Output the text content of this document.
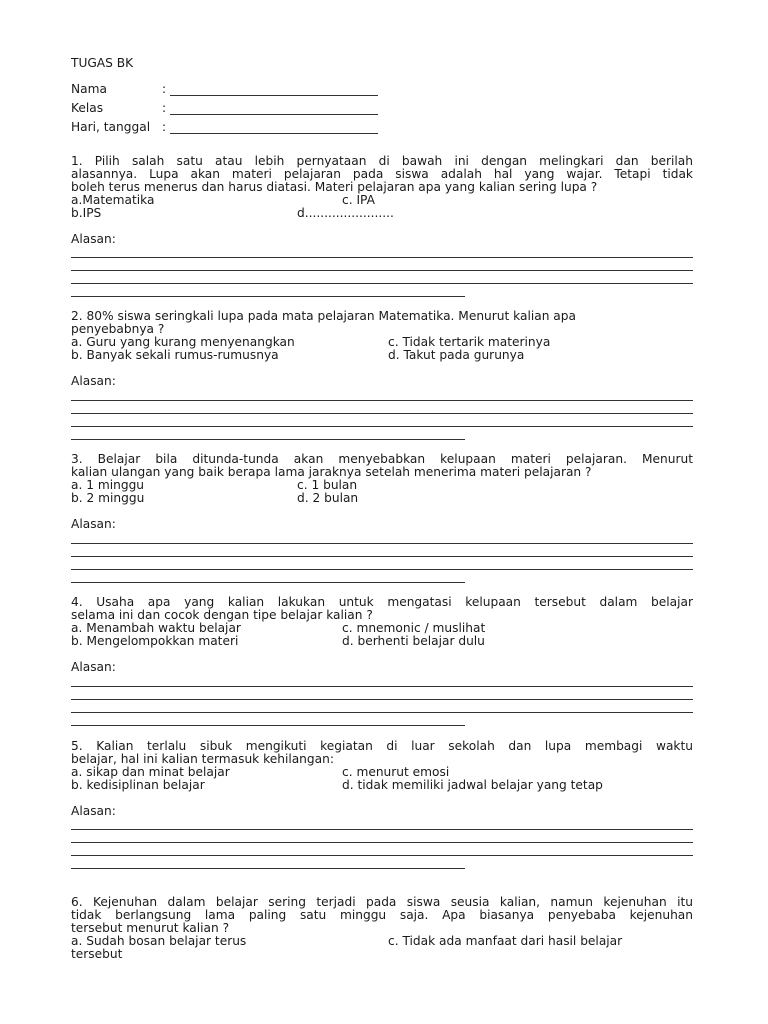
TUGAS BK
Nama	:
Kelas	:
Hari, tanggal :
1. Pilih salah satu atau lebih pernyataan di bawah ini dengan melingkari dan berilah
alasannya. Lupa akan materi pelajaran pada siswa adalah hal yang wajar. Tetapi tidak
boleh terus menerus dan harus diatasi. Materi pelajaran apa yang kalian sering lupa ?
a.Matematika	c. IPA
b.IPS	d.......................
Alasan:
2. 80% siswa seringkali lupa pada mata pelajaran Matematika. Menurut kalian apa
penyebabnya ?
a. Guru yang kurang menyenangkan	c. Tidak tertarik materinya
b. Banyak sekali rumus-rumusnya	d. Takut pada gurunya
Alasan:
3. Belajar bila ditunda-tunda akan menyebabkan kelupaan materi pelajaran. Menurut
kalian ulangan yang baik berapa lama jaraknya setelah menerima materi pelajaran ?
a. 1 minggu	c. 1 bulan
b. 2 minggu	d. 2 bulan
Alasan:
4. Usaha apa yang kalian lakukan untuk mengatasi kelupaan tersebut dalam belajar
selama ini dan cocok dengan tipe belajar kalian ?
a. Menambah waktu belajar	c. mnemonic / muslihat
b. Mengelompokkan materi	d. berhenti belajar dulu
Alasan:
5. Kalian terlalu sibuk mengikuti kegiatan di luar sekolah dan lupa membagi waktu
belajar, hal ini kalian termasuk kehilangan:
a. sikap dan minat belajar	c. menurut emosi
b. kedisiplinan belajar	d. tidak memiliki jadwal belajar yang tetap
Alasan:
6. Kejenuhan dalam belajar sering terjadi pada siswa seusia kalian, namun kejenuhan itu
tidak berlangsung lama paling satu minggu saja. Apa biasanya penyebaba kejenuhan
tersebut menurut kalian ?
a. Sudah bosan belajar terus	c. Tidak ada manfaat dari hasil belajar
tersebut
